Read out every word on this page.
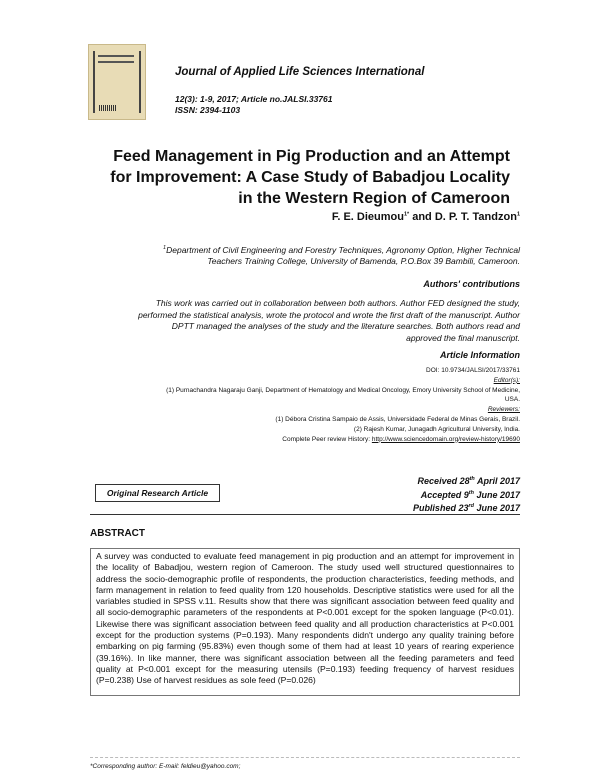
Journal of Applied Life Sciences International
12(3): 1-9, 2017; Article no.JALSI.33761
ISSN: 2394-1103
Feed Management in Pig Production and an Attempt
for Improvement: A Case Study of Babadjou Locality
in the Western Region of Cameroon
F. E. Dieumou$^{1*}$ and D. P. T. Tandzon$^1$
$^1$Department of Civil Engineering and Forestry Techniques, Agronomy Option, Higher Technical
Teachers Training College, University of Bamenda, P.O.Box 39 Bambili, Cameroon.
Authors' contributions
This work was carried out in collaboration between both authors. Author FED designed the study,
performed the statistical analysis, wrote the protocol and wrote the first draft of the manuscript. Author
DPTT managed the analyses of the study and the literature searches. Both authors read and
approved the final manuscript.
Article Information
DOI: 10.9734/JALSI/2017/33761
Editor(s):
(1) Purnachandra Nagaraju Ganji, Department of Hematology and Medical Oncology, Emory University School of Medicine,
USA.
Reviewers:
(1) Débora Cristina Sampaio de Assis, Universidade Federal de Minas Gerais, Brazil.
(2) Rajesh Kumar, Junagadh Agricultural University, India.
Complete Peer review History: http://www.sciencedomain.org/review-history/19690
Original Research Article
Received 28th April 2017
Accepted 9th June 2017
Published 23rd June 2017
ABSTRACT
A survey was conducted to evaluate feed management in pig production and an attempt for improvement in the locality of Babadjou, western region of Cameroon. The study used well structured questionnaires to address the socio-demographic profile of respondents, the production characteristics, feeding methods, and farm management in relation to feed quality from 120 households. Descriptive statistics were used for all the variables studied in SPSS v.11. Results show that there was significant association between feed quality and all socio-demographic parameters of the respondents at P<0.001 except for the spoken language (P<0.01). Likewise there was significant association between feed quality and all production characteristics at P<0.001 except for the production systems (P=0.193). Many respondents didn't undergo any quality training before embarking on pig farming (95.83%) even though some of them had at least 10 years of rearing experience (39.16%). In like manner, there was significant association between all the feeding parameters and feed quality at P<0.001 except for the measuring utensils (P=0.193) feeding frequency of harvest residues (P=0.238) Use of harvest residues as sole feed (P=0.026)
*Corresponding author: E-mail: feldieu@yahoo.com;
